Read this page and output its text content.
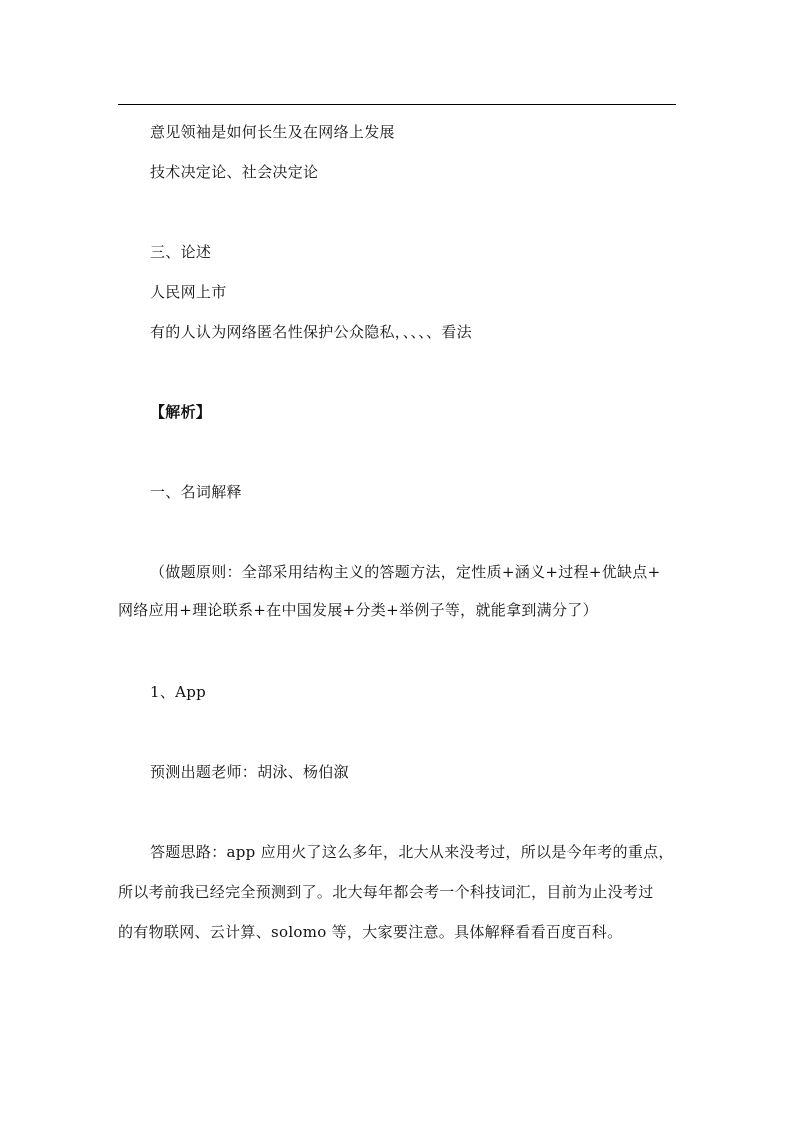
意见领袖是如何长生及在网络上发展
技术决定论、社会决定论
三、论述
人民网上市
有的人认为网络匿名性保护公众隐私，、、、、看法
【解析】
一、名词解释
（做题原则：全部采用结构主义的答题方法，定性质+涵义+过程+优缺点+
网络应用+理论联系+在中国发展+分类+举例子等，就能拿到满分了）
1、App
预测出题老师：胡泳、杨伯溆
答题思路：app 应用火了这么多年，北大从来没考过，所以是今年考的重点，
所以考前我已经完全预测到了。北大每年都会考一个科技词汇，目前为止没考过
的有物联网、云计算、solomo 等，大家要注意。具体解释看看百度百科。
